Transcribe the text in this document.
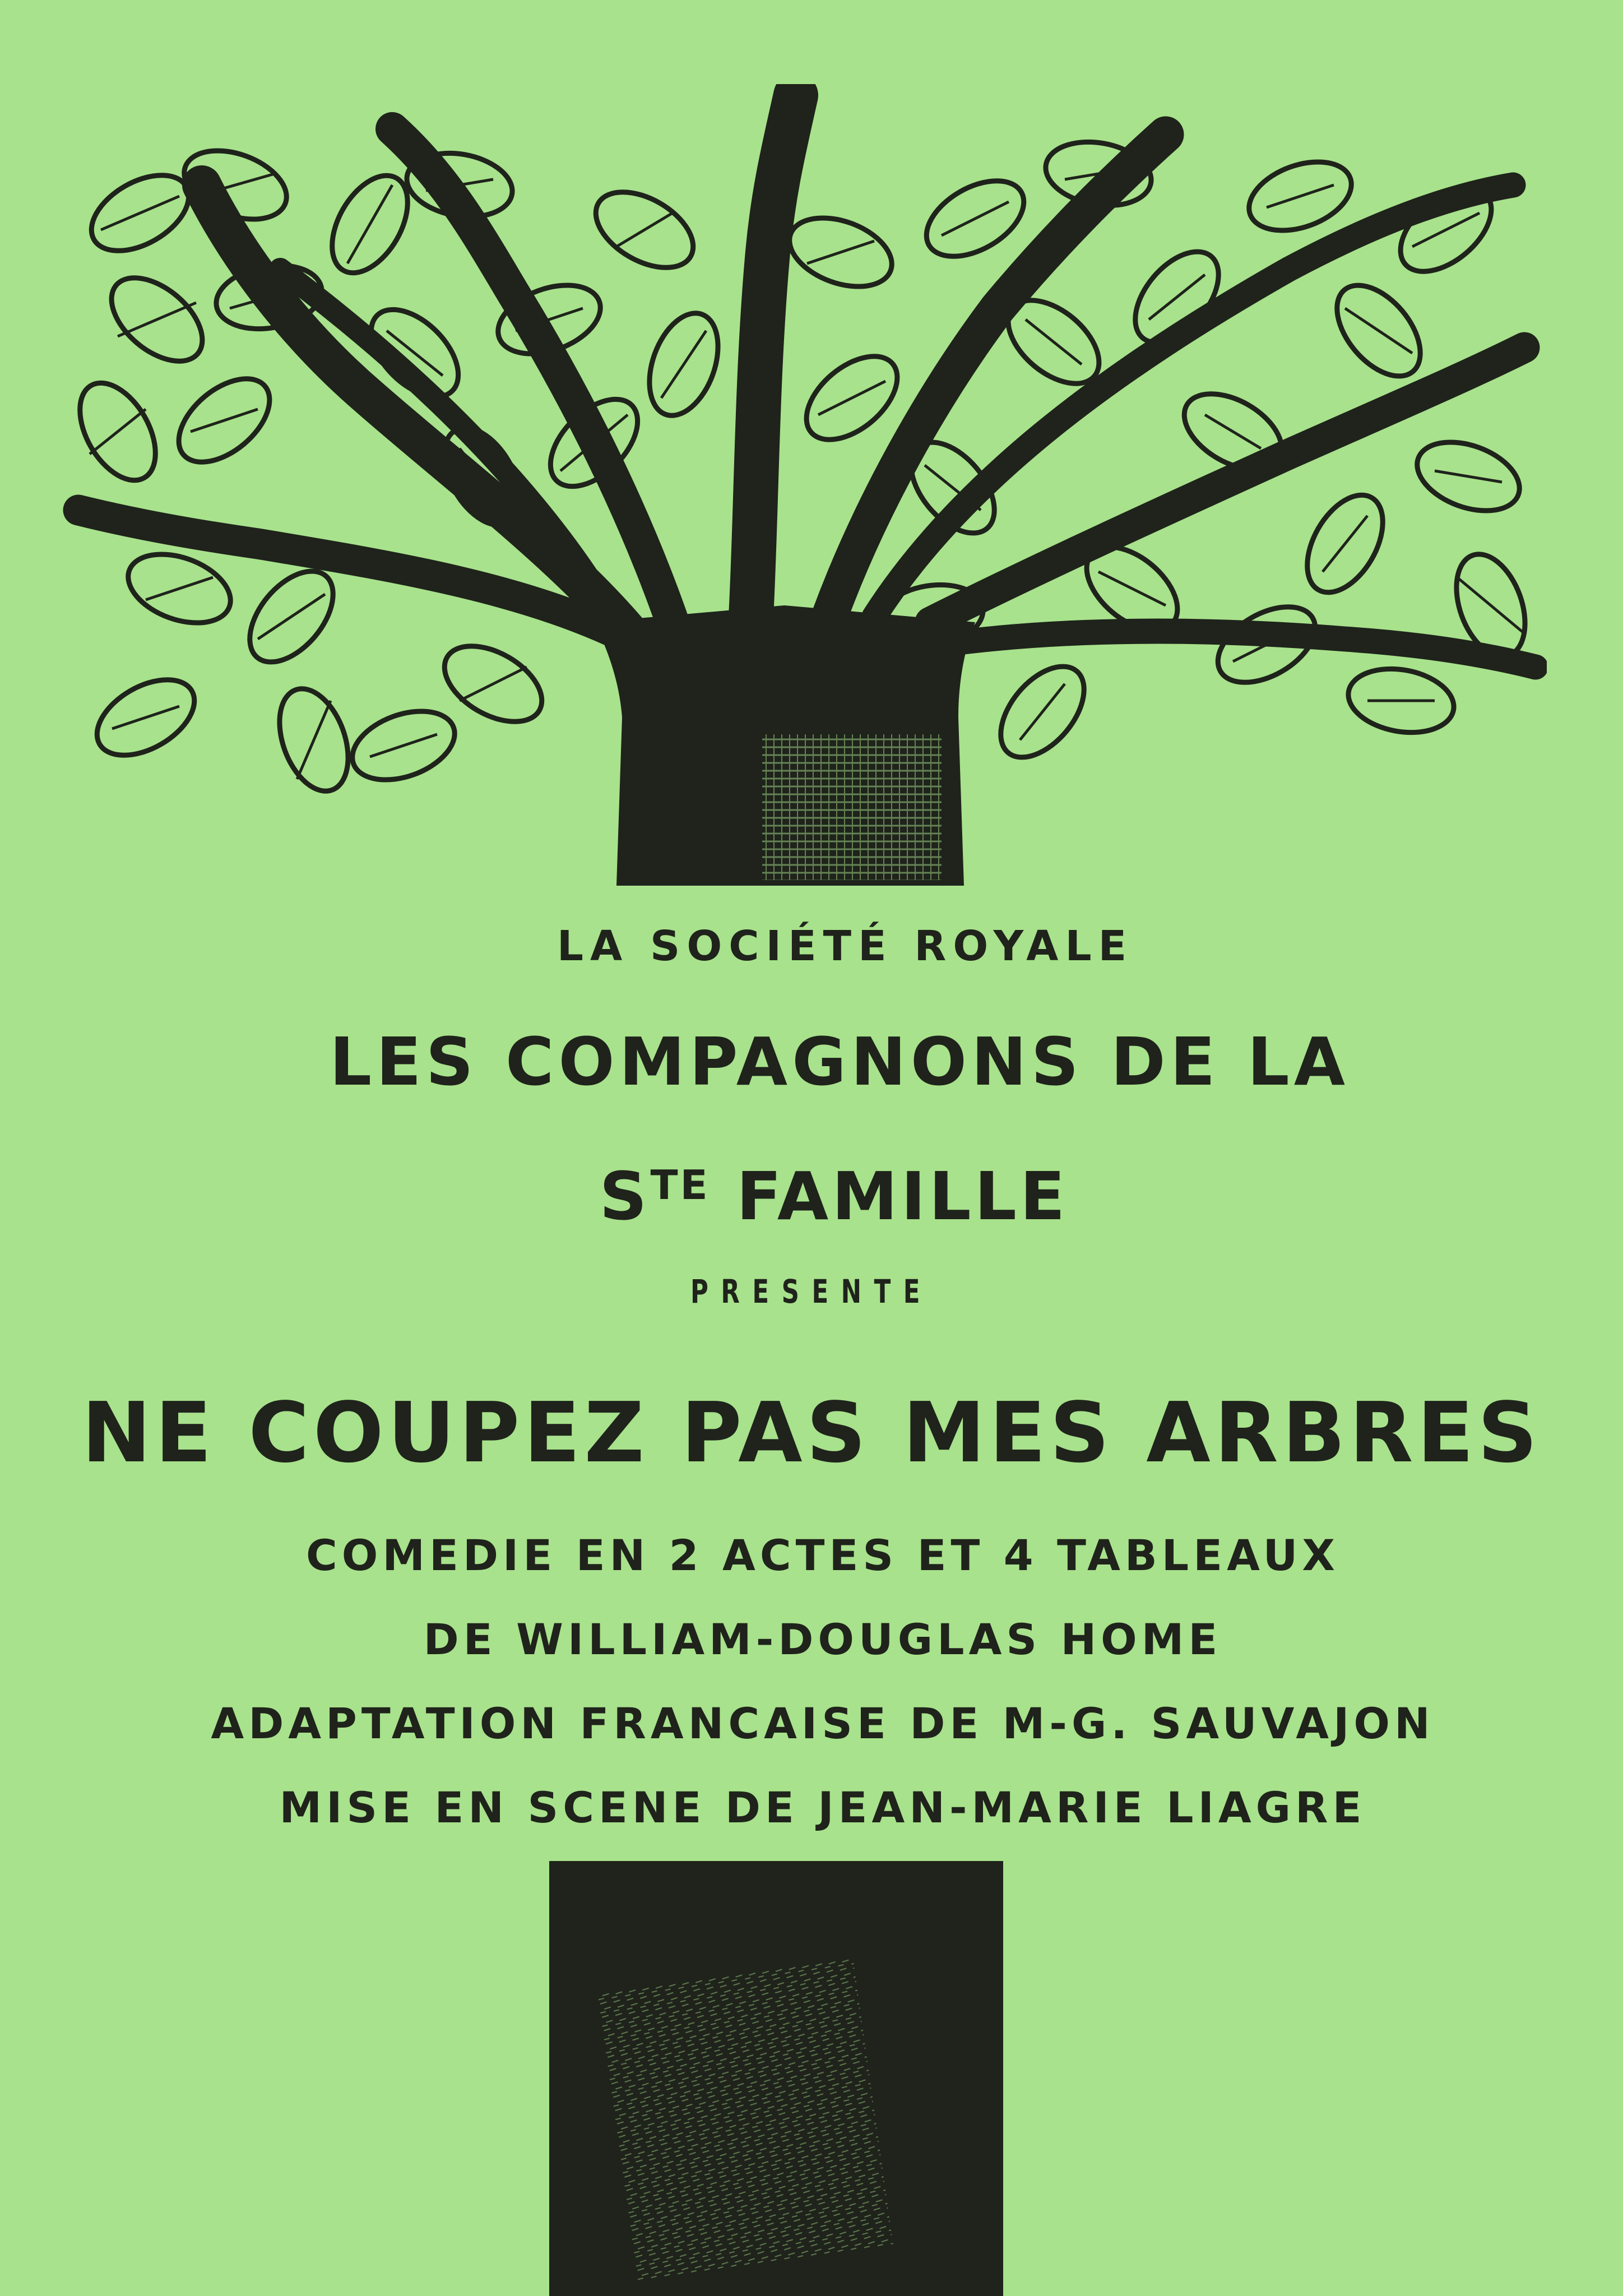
LA SOCIÉTÉ ROYALE
LES COMPAGNONS DE LA
$S^{TE}$ FAMILLE
PRESENTE
NE COUPEZ PAS MES ARBRES
COMEDIE EN 2 ACTES ET 4 TABLEAUX
DE WILLIAM-DOUGLAS HOME
ADAPTATION FRANCAISE DE M-G. SAUVAJON
MISE EN SCENE DE JEAN-MARIE LIAGRE
